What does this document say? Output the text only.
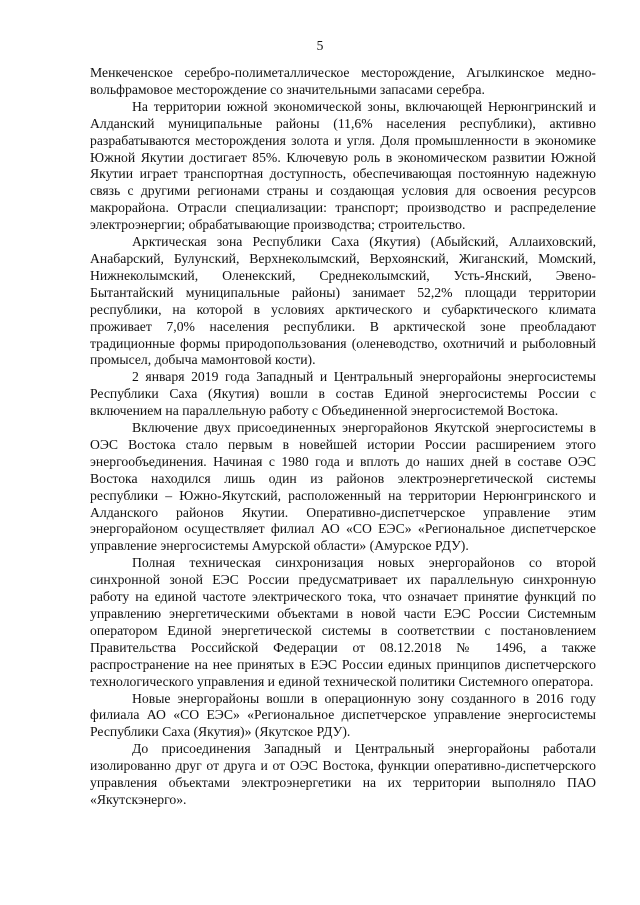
5

Менкеченское серебро-полиметаллическое месторождение, Агылкинское медно-вольфрамовое месторождение со значительными запасами серебра.

На территории южной экономической зоны, включающей Нерюнгринский и Алданский муниципальные районы (11,6% населения республики), активно разрабатываются месторождения золота и угля. Доля промышленности в экономике Южной Якутии достигает 85%. Ключевую роль в экономическом развитии Южной Якутии играет транспортная доступность, обеспечивающая постоянную надежную связь с другими регионами страны и создающая условия для освоения ресурсов макрорайона. Отрасли специализации: транспорт; производство и распределение электроэнергии; обрабатывающие производства; строительство.

Арктическая зона Республики Саха (Якутия) (Абыйский, Аллаиховский, Анабарский, Булунский, Верхнеколымский, Верхоянский, Жиганский, Момский, Нижнеколымский, Оленекский, Среднеколымский, Усть-Янский, Эвено-Бытантайский муниципальные районы) занимает 52,2% площади территории республики, на которой в условиях арктического и субарктического климата проживает 7,0% населения республики. В арктической зоне преобладают традиционные формы природопользования (оленеводство, охотничий и рыболовный промысел, добыча мамонтовой кости).

2 января 2019 года Западный и Центральный энергорайоны энергосистемы Республики Саха (Якутия) вошли в состав Единой энергосистемы России с включением на параллельную работу с Объединенной энергосистемой Востока.

Включение двух присоединенных энергорайонов Якутской энергосистемы в ОЭС Востока стало первым в новейшей истории России расширением этого энергообъединения. Начиная с 1980 года и вплоть до наших дней в составе ОЭС Востока находился лишь один из районов электроэнергетической системы республики – Южно-Якутский, расположенный на территории Нерюнгринского и Алданского районов Якутии. Оперативно-диспетчерское управление этим энергорайоном осуществляет филиал АО «СО ЕЭС» «Региональное диспетчерское управление энергосистемы Амурской области» (Амурское РДУ).

Полная техническая синхронизация новых энергорайонов со второй синхронной зоной ЕЭС России предусматривает их параллельную синхронную работу на единой частоте электрического тока, что означает принятие функций по управлению энергетическими объектами в новой части ЕЭС России Системным оператором Единой энергетической системы в соответствии с постановлением Правительства Российской Федерации от 08.12.2018 № 1496, а также распространение на нее принятых в ЕЭС России единых принципов диспетчерского технологического управления и единой технической политики Системного оператора.

Новые энергорайоны вошли в операционную зону созданного в 2016 году филиала АО «СО ЕЭС» «Региональное диспетчерское управление энергосистемы Республики Саха (Якутия)» (Якутское РДУ).

До присоединения Западный и Центральный энергорайоны работали изолированно друг от друга и от ОЭС Востока, функции оперативно-диспетчерского управления объектами электроэнергетики на их территории выполняло ПАО «Якутскэнерго».
